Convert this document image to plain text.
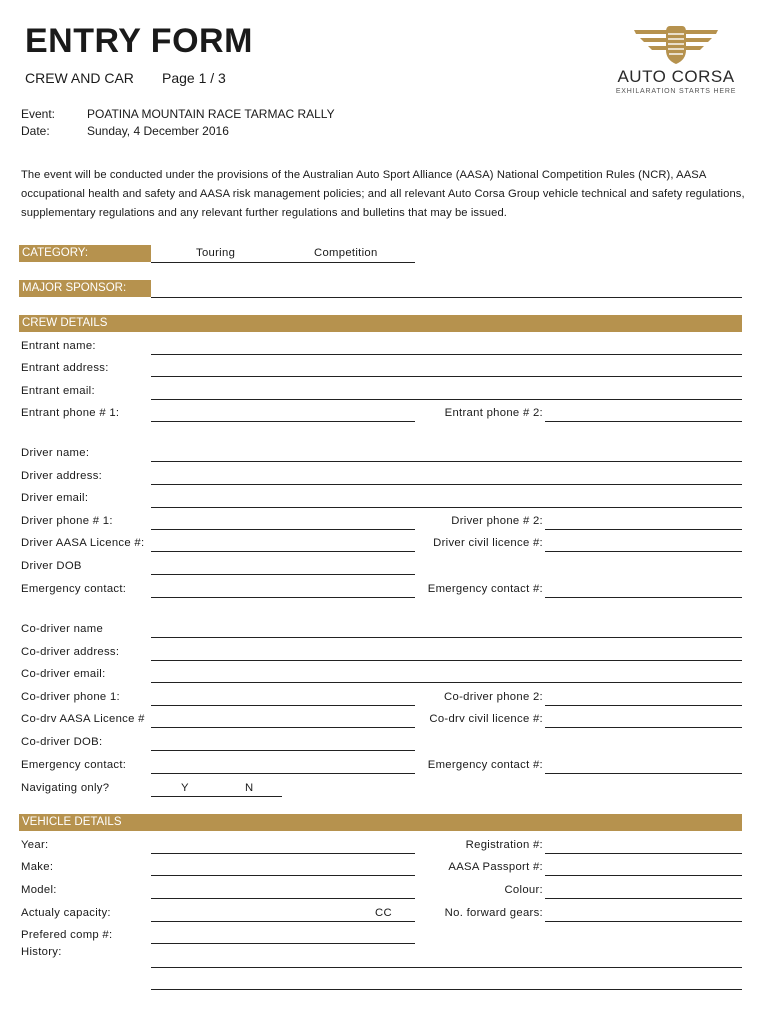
ENTRY FORM
CREW AND CAR Page 1 / 3	AUTO CORSA
EXHILARATION STARTS HERE
Event:	POATINA MOUNTAIN RACE TARMAC RALLY
Date:	Sunday, 4 December 2016
The event will be conducted under the provisions of the Australian Auto Sport Alliance (AASA) National Competition Rules (NCR), AASA occupational health and safety and AASA risk management policies; and all relevant Auto Corsa Group vehicle technical and safety regulations, supplementary regulations and any relevant further regulations and bulletins that may be issued.
CATEGORY:	Touring	Competition
MAJOR SPONSOR:
CREW DETAILS
Entrant name:
Entrant address:
Entrant email:
Entrant phone # 1:	Entrant phone # 2:
Driver name:
Driver address:
Driver email:
Driver phone # 1:	Driver phone # 2:
Driver AASA Licence #:	Driver civil licence #:
Driver DOB
Emergency contact:	Emergency contact #:
Co-driver name
Co-driver address:
Co-driver email:
Co-driver phone 1:	Co-driver phone 2:
Co-drv AASA Licence #	Co-drv civil licence #:
Co-driver DOB:
Emergency contact:	Emergency contact #:
Navigating only?	Y	N
VEHICLE DETAILS
Year:	Registration #:
Make:	AASA Passport #:
Model:	Colour:
Actualy capacity:	CC	No. forward gears:
Prefered comp #:
History:
